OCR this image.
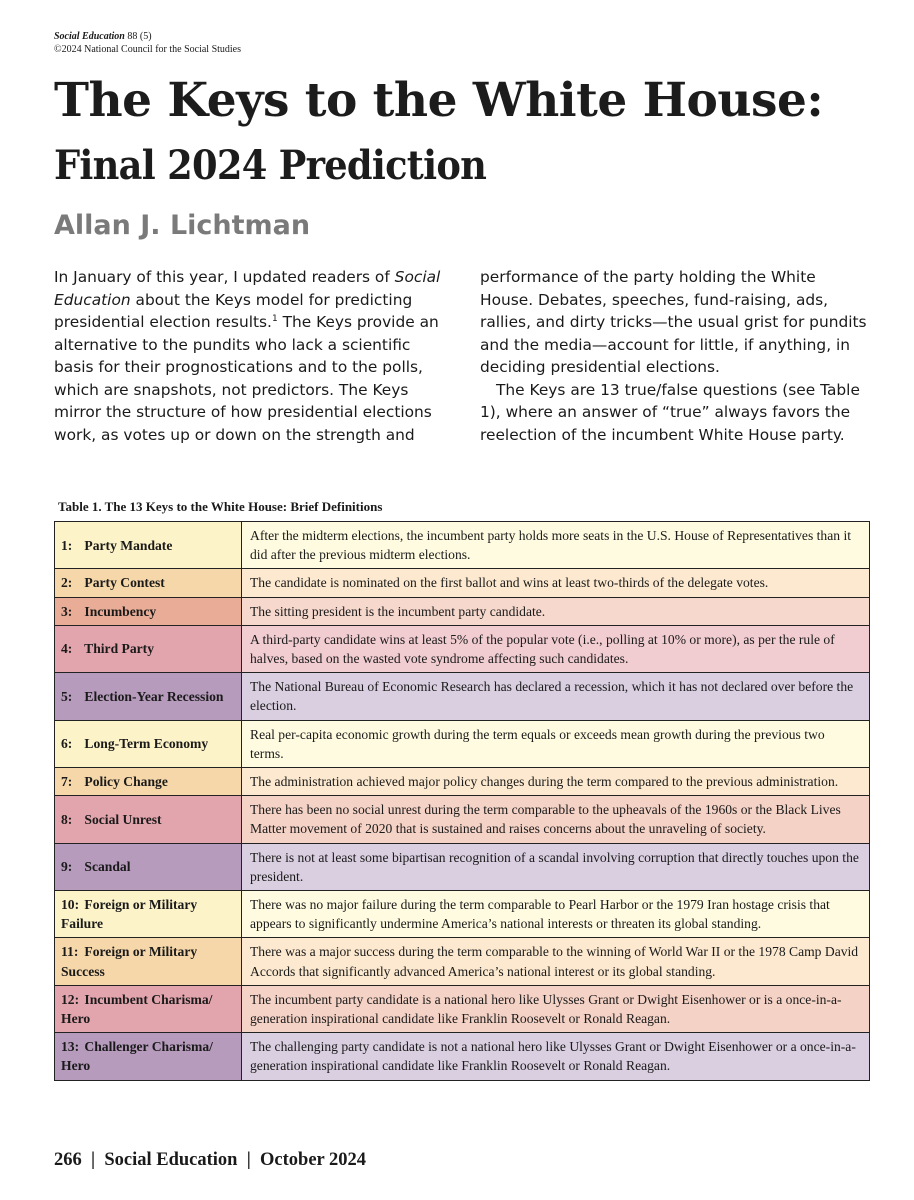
Social Education 88 (5)
©2024 National Council for the Social Studies
The Keys to the White House:
Final 2024 Prediction
Allan J. Lichtman

In January of this year, I updated readers of Social Education about the Keys model for predicting presidential election results.$^1$ The Keys provide an alternative to the pundits who lack a scientific basis for their prognostications and to the polls, which are snapshots, not predictors. The Keys mirror the structure of how presidential elections work, as votes up or down on the strength and performance of the party holding the White House. Debates, speeches, fund-raising, ads, rallies, and dirty tricks—the usual grist for pundits and the media—account for little, if anything, in deciding presidential elections.

The Keys are 13 true/false questions (see Table 1), where an answer of “true” always favors the reelection of the incumbent White House party.

Table 1. The 13 Keys to the White House: Brief Definitions
1: Party Mandate	After the midterm elections, the incumbent party holds more seats in the U.S. House of Representatives than it did after the previous midterm elections.
2: Party Contest	The candidate is nominated on the first ballot and wins at least two-thirds of the delegate votes.
3: Incumbency	The sitting president is the incumbent party candidate.
4: Third Party	A third-party candidate wins at least 5% of the popular vote (i.e., polling at 10% or more), as per the rule of halves, based on the wasted vote syndrome affecting such candidates.
5: Election-Year Recession	The National Bureau of Economic Research has declared a recession, which it has not declared over before the election.
6: Long-Term Economy	Real per-capita economic growth during the term equals or exceeds mean growth during the previous two terms.
7: Policy Change	The administration achieved major policy changes during the term compared to the previous administration.
8: Social Unrest	There has been no social unrest during the term comparable to the upheavals of the 1960s or the Black Lives Matter movement of 2020 that is sustained and raises concerns about the unraveling of society.
9: Scandal	There is not at least some bipartisan recognition of a scandal involving corruption that directly touches upon the president.
10: Foreign or Military Failure	There was no major failure during the term comparable to Pearl Harbor or the 1979 Iran hostage crisis that appears to significantly undermine America’s national interests or threaten its global standing.
11: Foreign or Military Success	There was a major success during the term comparable to the winning of World War II or the 1978 Camp David Accords that significantly advanced America’s national interest or its global standing.
12: Incumbent Charisma/ Hero	The incumbent party candidate is a national hero like Ulysses Grant or Dwight Eisenhower or is a once-in-a-generation inspirational candidate like Franklin Roosevelt or Ronald Reagan.
13: Challenger Charisma/ Hero	The challenging party candidate is not a national hero like Ulysses Grant or Dwight Eisenhower or a once-in-a-generation inspirational candidate like Franklin Roosevelt or Ronald Reagan.
266  |  Social Education  |  October 2024
